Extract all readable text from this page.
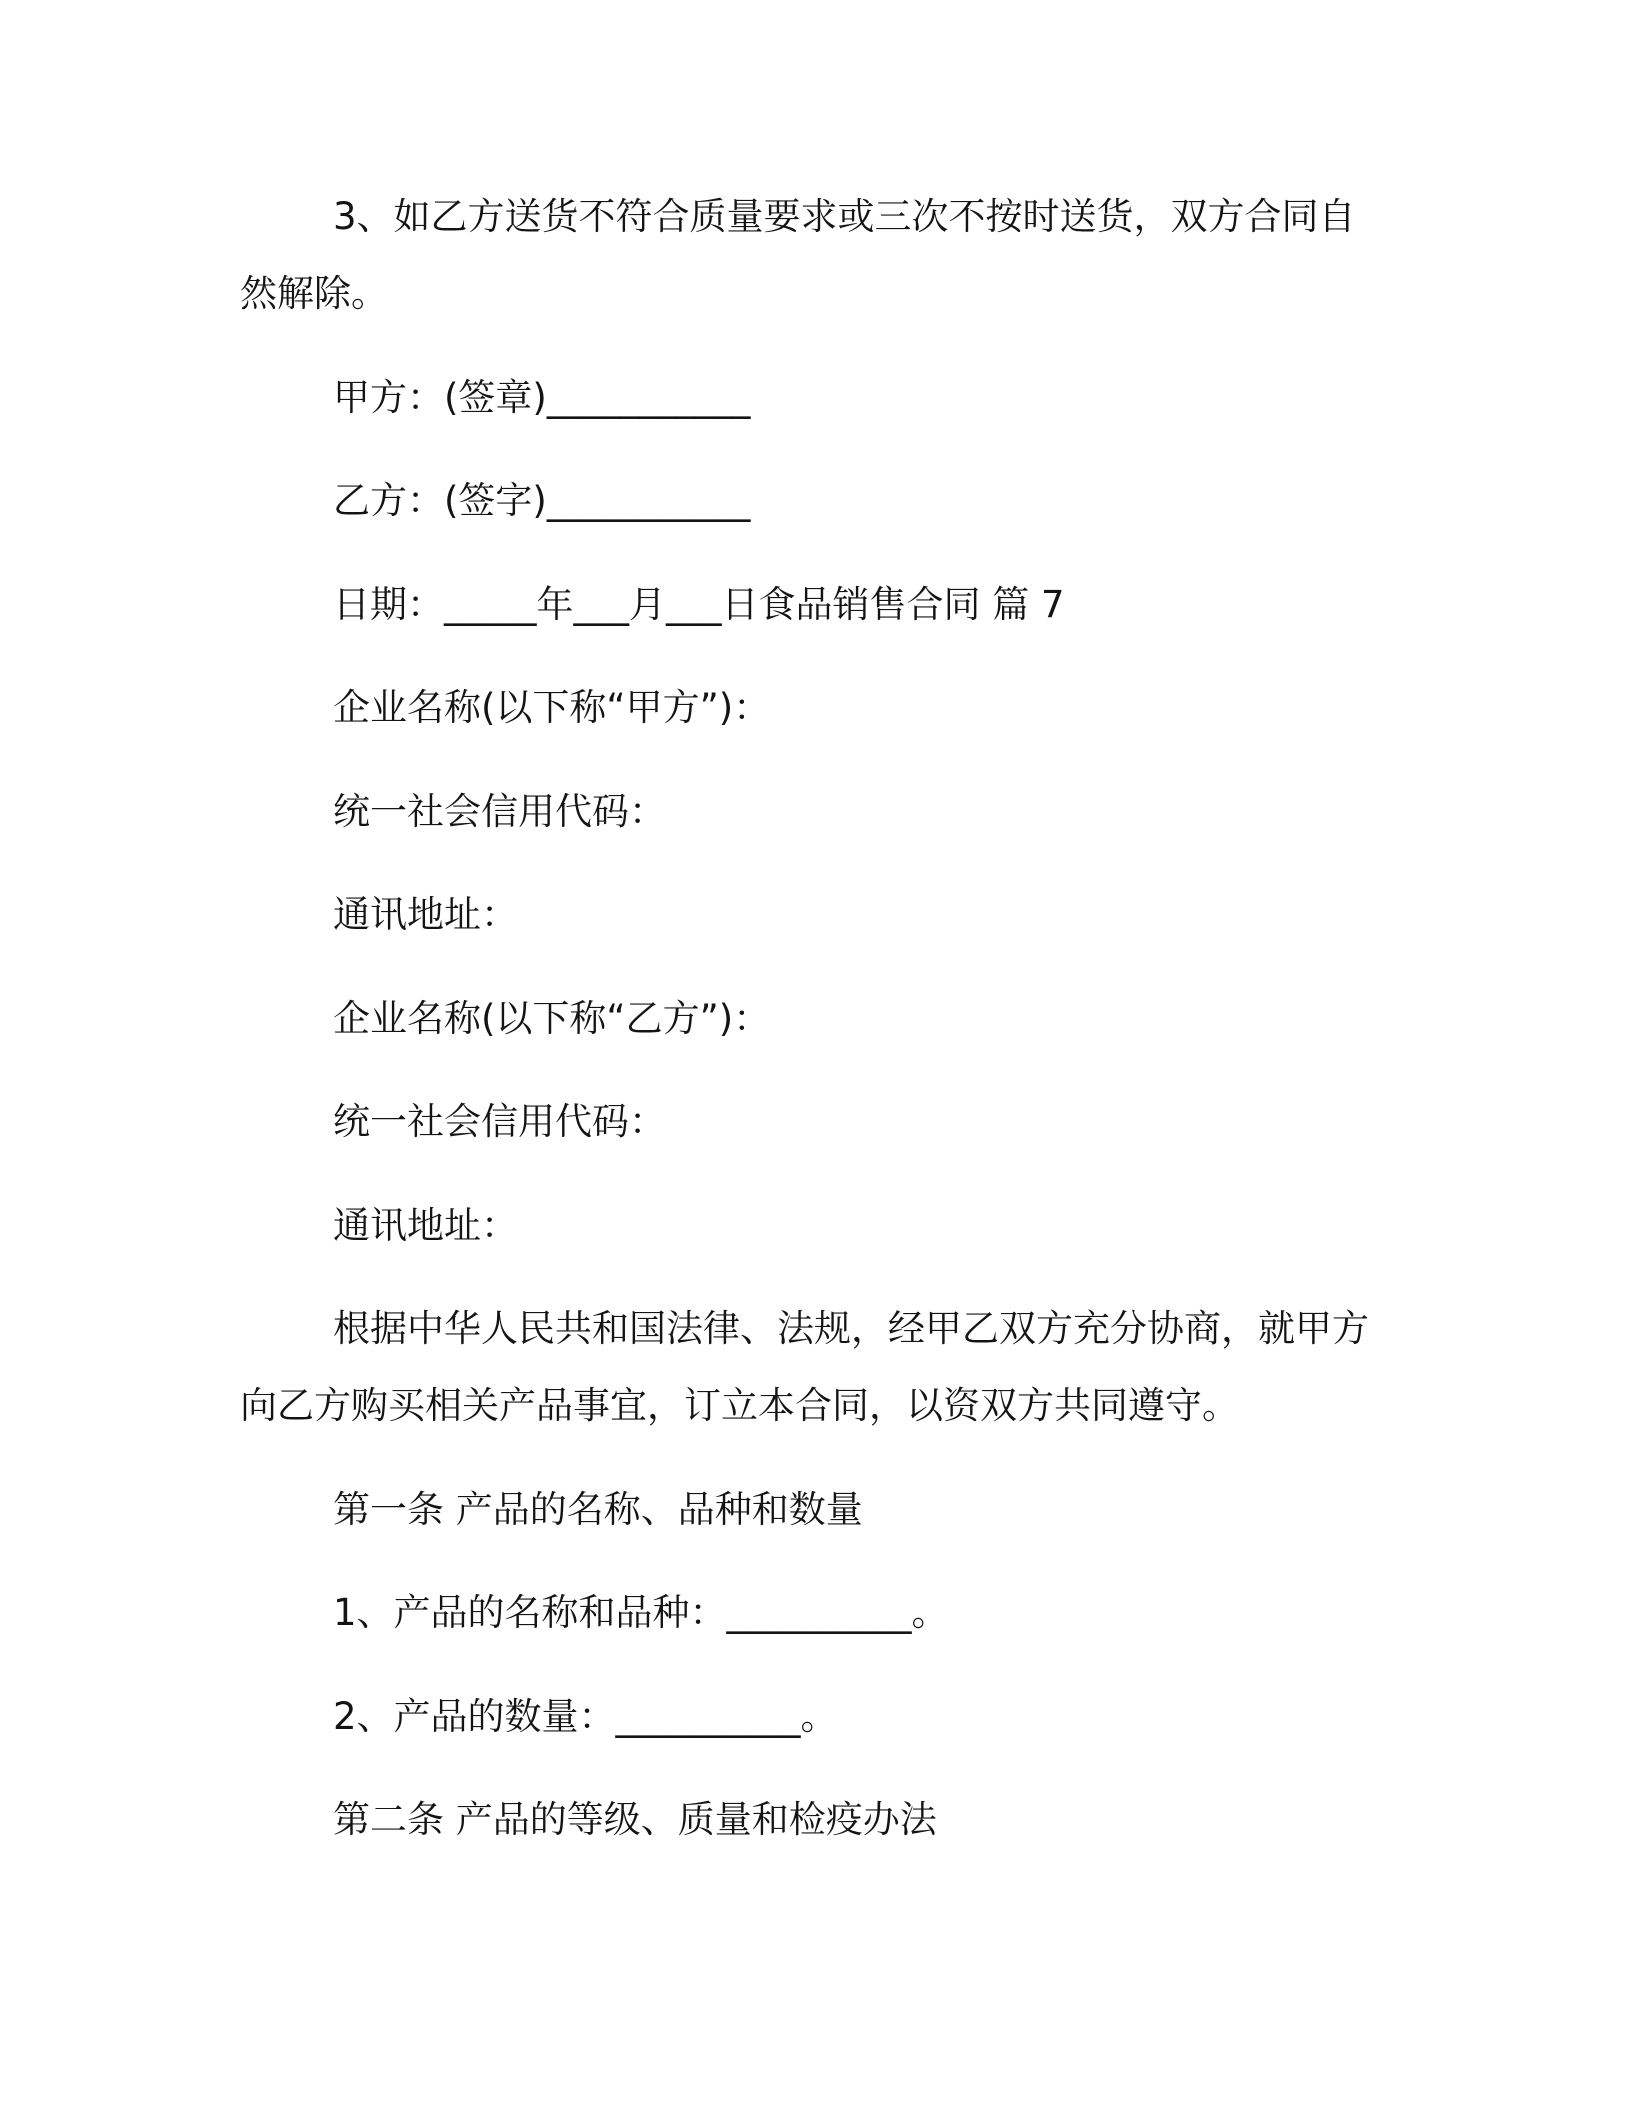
3、如乙方送货不符合质量要求或三次不按时送货，双方合同自
然解除。
甲方：(签章)___________
乙方：(签字)___________
日期：_____年___月___日食品销售合同 篇 7
企业名称(以下称“甲方”)：
统一社会信用代码：
通讯地址：
企业名称(以下称“乙方”)：
统一社会信用代码：
通讯地址：
根据中华人民共和国法律、法规，经甲乙双方充分协商，就甲方
向乙方购买相关产品事宜，订立本合同，以资双方共同遵守。
第一条 产品的名称、品种和数量
1、产品的名称和品种：__________。
2、产品的数量：__________。
第二条 产品的等级、质量和检疫办法
